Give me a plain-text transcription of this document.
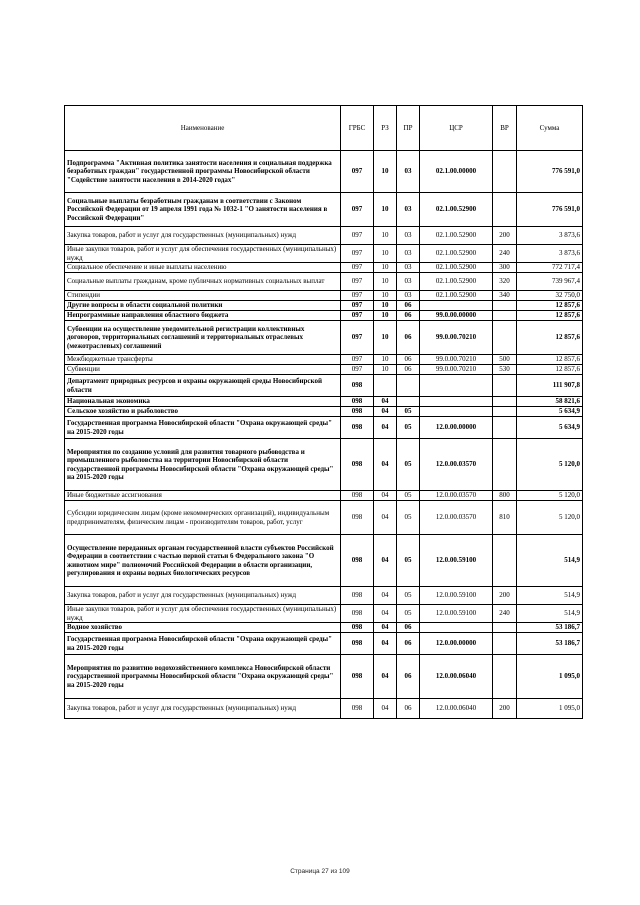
Наименование	ГРБС	РЗ	ПР	ЦСР	ВР	Сумма
Подпрограмма "Активная политика занятости населения и социальная поддержка безработных граждан" государственной программы Новосибирской области "Содействие занятости населения в 2014-2020 годах"	097	10	03	02.1.00.00000		776 591,0
Социальные выплаты безработным гражданам в соответствии с Законом Российской Федерации от 19 апреля 1991 года № 1032-1 "О занятости населения в Российской Федерации"	097	10	03	02.1.00.52900		776 591,0
Закупка товаров, работ и услуг для государственных (муниципальных) нужд	097	10	03	02.1.00.52900	200	3 873,6
Иные закупки товаров, работ и услуг для обеспечения государственных (муниципальных) нужд	097	10	03	02.1.00.52900	240	3 873,6
Социальное обеспечение и иные выплаты населению	097	10	03	02.1.00.52900	300	772 717,4
Социальные выплаты гражданам, кроме публичных нормативных социальных выплат	097	10	03	02.1.00.52900	320	739 967,4
Стипендии	097	10	03	02.1.00.52900	340	32 750,0
Другие вопросы в области социальной политики	097	10	06			12 857,6
Непрограммные направления областного бюджета	097	10	06	99.0.00.00000		12 857,6
Субвенции на осуществление уведомительной регистрации коллективных договоров, территориальных соглашений и территориальных отраслевых (межотраслевых) соглашений	097	10	06	99.0.00.70210		12 857,6
Межбюджетные трансферты	097	10	06	99.0.00.70210	500	12 857,6
Субвенции	097	10	06	99.0.00.70210	530	12 857,6
Департамент природных ресурсов и охраны окружающей среды Новосибирской области	098					111 907,8
Национальная экономика	098	04				58 821,6
Сельское хозяйство и рыболовство	098	04	05			5 634,9
Государственная программа Новосибирской области "Охрана окружающей среды" на 2015-2020 годы	098	04	05	12.0.00.00000		5 634,9
Мероприятия по созданию условий для развития товарного рыбоводства и промышленного рыболовства на территории Новосибирской области государственной программы Новосибирской области "Охрана окружающей среды" на 2015-2020 годы	098	04	05	12.0.00.03570		5 120,0
Иные бюджетные ассигнования	098	04	05	12.0.00.03570	800	5 120,0
Субсидии юридическим лицам (кроме некоммерческих организаций), индивидуальным предпринимателям, физическим лицам - производителям товаров, работ, услуг	098	04	05	12.0.00.03570	810	5 120,0
Осуществление переданных органам государственной власти субъектов Российской Федерации в соответствии с частью первой статьи 6 Федерального закона "О животном мире" полномочий Российской Федерации в области организации, регулирования и охраны водных биологических ресурсов	098	04	05	12.0.00.59100		514,9
Закупка товаров, работ и услуг для государственных (муниципальных) нужд	098	04	05	12.0.00.59100	200	514,9
Иные закупки товаров, работ и услуг для обеспечения государственных (муниципальных) нужд	098	04	05	12.0.00.59100	240	514,9
Водное хозяйство	098	04	06			53 186,7
Государственная программа Новосибирской области "Охрана окружающей среды" на 2015-2020 годы	098	04	06	12.0.00.00000		53 186,7
Мероприятия по развитию водохозяйственного комплекса Новосибирской области государственной программы Новосибирской области "Охрана окружающей среды" на 2015-2020 годы	098	04	06	12.0.00.06040		1 095,0
Закупка товаров, работ и услуг для государственных (муниципальных) нужд	098	04	06	12.0.00.06040	200	1 095,0
Страница 27 из 109
